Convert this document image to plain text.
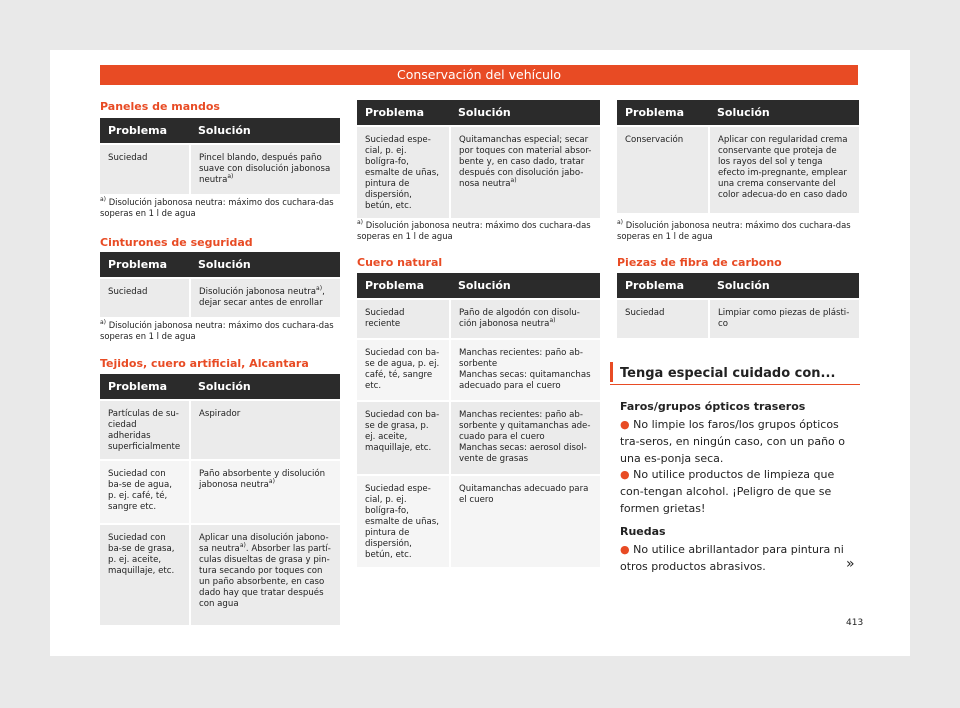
Conservación del vehículo
Paneles de mandos
Problema	Solución
Suciedad	Pincel blando, después paño suave con disolución jabonosa neutra$^{a)}$
$^{a)}$ Disolución jabonosa neutra: máximo dos cuchara-das soperas en 1 l de agua
Cinturones de seguridad
Problema	Solución
Suciedad	Disolución jabonosa neutra$^{a)}$, dejar secar antes de enrollar
$^{a)}$ Disolución jabonosa neutra: máximo dos cuchara-das soperas en 1 l de agua
Tejidos, cuero artificial, Alcantara
Problema	Solución
Partículas de su-ciedad adheridas superficialmente	Aspirador
Suciedad con ba-se de agua, p. ej. café, té, sangre etc.	Paño absorbente y disolución jabonosa neutra$^{a)}$
Suciedad con ba-se de grasa, p. ej. aceite, maquillaje, etc.	Aplicar una disolución jabono-sa neutra$^{a)}$. Absorber las partí-culas disueltas de grasa y pin-tura secando por toques con un paño absorbente, en caso dado hay que tratar después con agua
Problema	Solución
Suciedad espe-cial, p. ej. bolígra-fo, esmalte de uñas, pintura de dispersión, betún, etc.	Quitamanchas especial; secar por toques con material absor-bente y, en caso dado, tratar después con disolución jabo-nosa neutra$^{a)}$
$^{a)}$ Disolución jabonosa neutra: máximo dos cuchara-das soperas en 1 l de agua
Cuero natural
Problema	Solución
Suciedad reciente	Paño de algodón con disolu-ción jabonosa neutra$^{a)}$
Suciedad con ba-se de agua, p. ej. café, té, sangre etc.	Manchas recientes: paño ab-sorbente
Manchas secas: quitamanchas adecuado para el cuero
Suciedad con ba-se de grasa, p. ej. aceite, maquillaje, etc.	Manchas recientes: paño ab-sorbente y quitamanchas ade-cuado para el cuero
Manchas secas: aerosol disol-vente de grasas
Suciedad espe-cial, p. ej. bolígra-fo, esmalte de uñas, pintura de dispersión, betún, etc.	Quitamanchas adecuado para el cuero
Problema	Solución
Conservación	Aplicar con regularidad crema conservante que proteja de los rayos del sol y tenga efecto im-pregnante, emplear una crema conservante del color adecua-do en caso dado
$^{a)}$ Disolución jabonosa neutra: máximo dos cuchara-das soperas en 1 l de agua
Piezas de fibra de carbono
Problema	Solución
Suciedad	Limpiar como piezas de plásti-co
Tenga especial cuidado con...
Faros/grupos ópticos traseros
● No limpie los faros/los grupos ópticos tra-seros, en ningún caso, con un paño o una es-ponja seca.
● No utilice productos de limpieza que con-tengan alcohol. ¡Peligro de que se formen grietas!
Ruedas
● No utilice abrillantador para pintura ni otros productos abrasivos.	»
413
